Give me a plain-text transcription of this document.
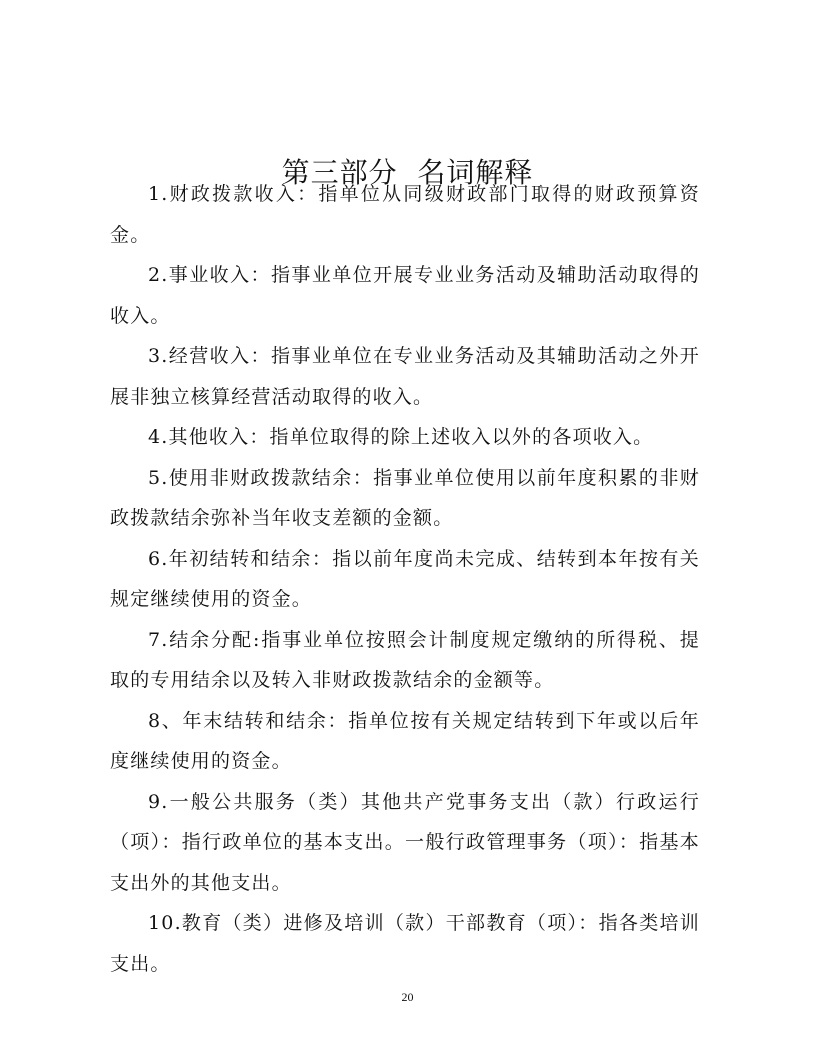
第三部分  名词解释

1.财政拨款收入：指单位从同级财政部门取得的财政预算资金。

2.事业收入：指事业单位开展专业业务活动及辅助活动取得的收入。

3.经营收入：指事业单位在专业业务活动及其辅助活动之外开展非独立核算经营活动取得的收入。

4.其他收入：指单位取得的除上述收入以外的各项收入。

5.使用非财政拨款结余：指事业单位使用以前年度积累的非财政拨款结余弥补当年收支差额的金额。

6.年初结转和结余：指以前年度尚未完成、结转到本年按有关规定继续使用的资金。

7.结余分配:指事业单位按照会计制度规定缴纳的所得税、提取的专用结余以及转入非财政拨款结余的金额等。

8、年末结转和结余：指单位按有关规定结转到下年或以后年度继续使用的资金。

9.一般公共服务（类）其他共产党事务支出（款）行政运行（项）：指行政单位的基本支出。一般行政管理事务（项）：指基本支出外的其他支出。

10.教育（类）进修及培训（款）干部教育（项）：指各类培训支出。

20
